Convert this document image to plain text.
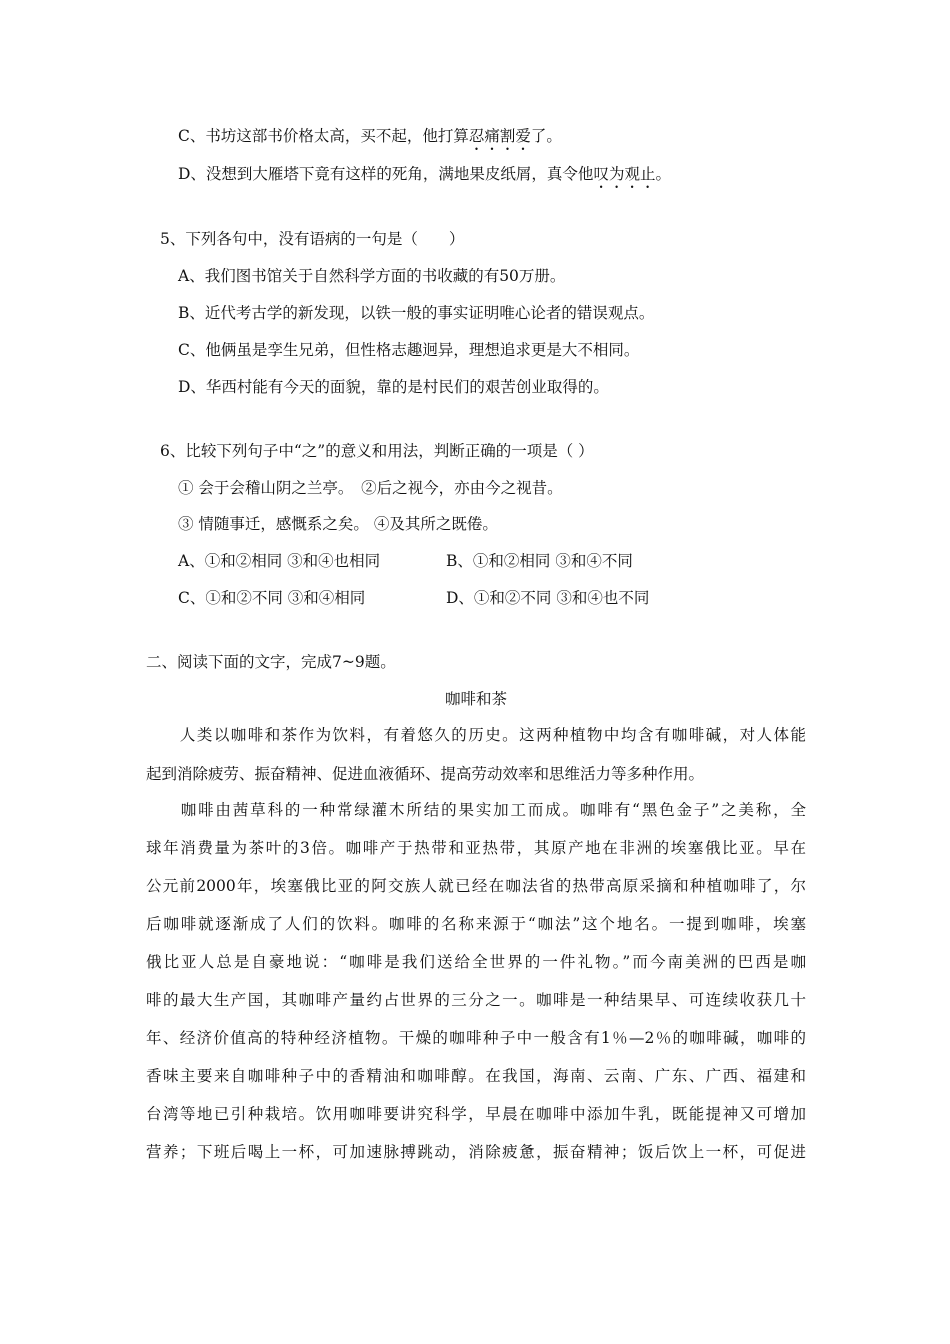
C、书坊这部书价格太高，买不起，他打算忍痛割爱了。
D、没想到大雁塔下竟有这样的死角，满地果皮纸屑，真令他叹为观止。
5、下列各句中，没有语病的一句是（　　）
A、我们图书馆关于自然科学方面的书收藏的有50万册。
B、近代考古学的新发现，以铁一般的事实证明唯心论者的错误观点。
C、他俩虽是孪生兄弟，但性格志趣迥异，理想追求更是大不相同。
D、华西村能有今天的面貌，靠的是村民们的艰苦创业取得的。
6、比较下列句子中“之”的意义和用法，判断正确的一项是（ ）
① 会于会稽山阴之兰亭。　②后之视今，亦由今之视昔。
③ 情随事迁，感慨系之矣。 ④及其所之既倦。
A、①和②相同 ③和④也相同	B、①和②相同 ③和④不同
C、①和②不同 ③和④相同	D、①和②不同 ③和④也不同
二、阅读下面的文字，完成7~9题。
咖啡和茶
　　人类以咖啡和茶作为饮料，有着悠久的历史。这两种植物中均含有咖啡碱，对人体能
起到消除疲劳、振奋精神、促进血液循环、提高劳动效率和思维活力等多种作用。
　　咖啡由茜草科的一种常绿灌木所结的果实加工而成。咖啡有“黑色金子”之美称，全
球年消费量为茶叶的3倍。咖啡产于热带和亚热带，其原产地在非洲的埃塞俄比亚。早在
公元前2000年，埃塞俄比亚的阿交族人就已经在咖法省的热带高原采摘和种植咖啡了，尔
后咖啡就逐渐成了人们的饮料。咖啡的名称来源于“咖法”这个地名。一提到咖啡，埃塞
俄比亚人总是自豪地说：“咖啡是我们送给全世界的一件礼物。”而今南美洲的巴西是咖
啡的最大生产国，其咖啡产量约占世界的三分之一。咖啡是一种结果早、可连续收获几十
年、经济价值高的特种经济植物。干燥的咖啡种子中一般含有1％—2％的咖啡碱，咖啡的
香味主要来自咖啡种子中的香精油和咖啡醇。在我国，海南、云南、广东、广西、福建和
台湾等地已引种栽培。饮用咖啡要讲究科学，早晨在咖啡中添加牛乳，既能提神又可增加
营养；下班后喝上一杯，可加速脉搏跳动，消除疲惫，振奋精神；饭后饮上一杯，可促进
